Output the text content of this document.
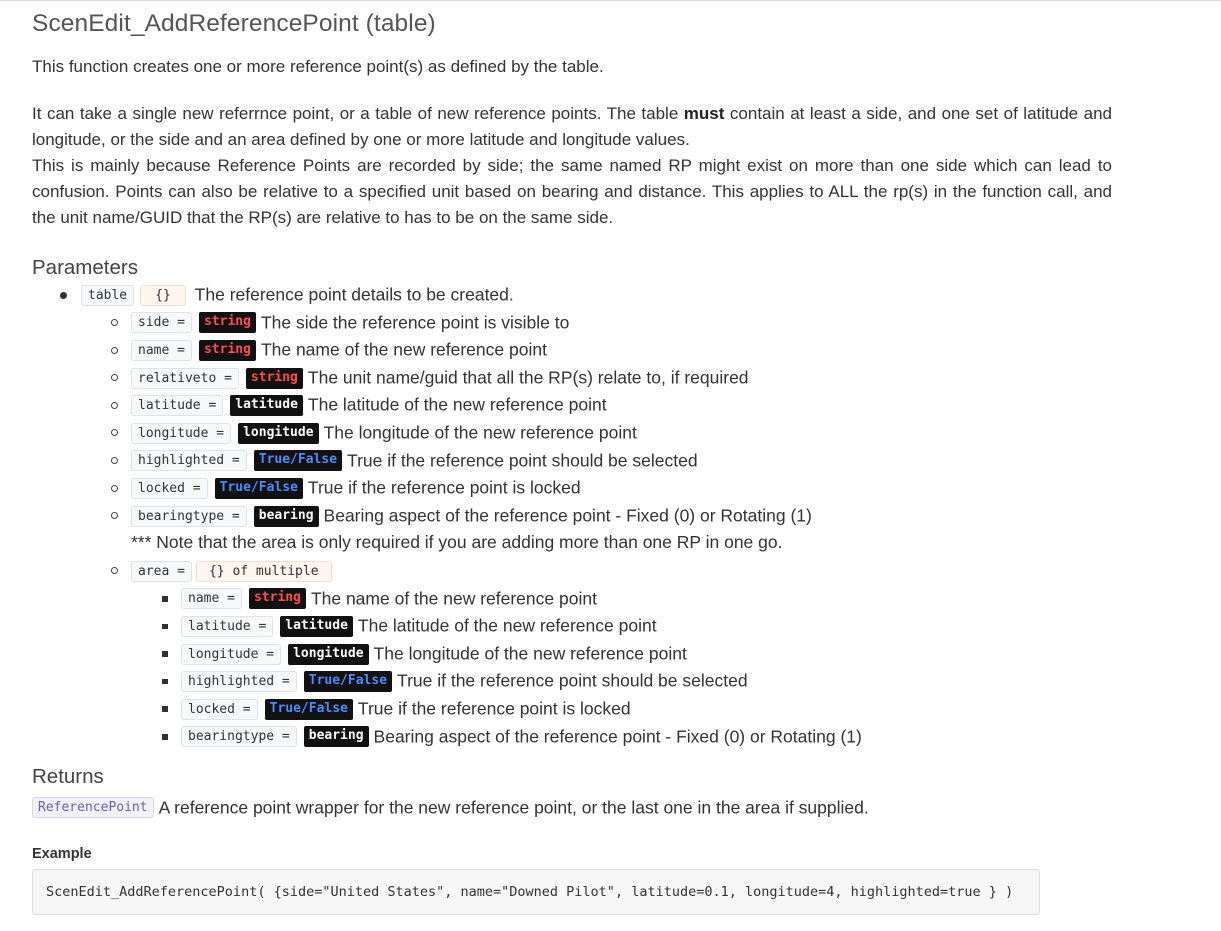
ScenEdit_AddReferencePoint (table)

This function creates one or more reference point(s) as defined by the table.

It can take a single new referrnce point, or a table of new reference points. The table must contain at least a side, and one set of latitude and longitude, or the side and an area defined by one or more latitude and longitude values.
This is mainly because Reference Points are recorded by side; the same named RP might exist on more than one side which can lead to confusion. Points can also be relative to a specified unit based on bearing and distance. This applies to ALL the rp(s) in the function call, and the unit name/GUID that the RP(s) are relative to has to be on the same side.

Parameters
table {} The reference point details to be created.
side = string The side the reference point is visible to
name = string The name of the new reference point
relativeto = string The unit name/guid that all the RP(s) relate to, if required
latitude = latitude The latitude of the new reference point
longitude = longitude The longitude of the new reference point
highlighted = True/False True if the reference point should be selected
locked = True/False True if the reference point is locked
bearingtype = bearing Bearing aspect of the reference point - Fixed (0) or Rotating (1)
*** Note that the area is only required if you are adding more than one RP in one go.
area = {} of multiple
name = string The name of the new reference point
latitude = latitude The latitude of the new reference point
longitude = longitude The longitude of the new reference point
highlighted = True/False True if the reference point should be selected
locked = True/False True if the reference point is locked
bearingtype = bearing Bearing aspect of the reference point - Fixed (0) or Rotating (1)
Returns
ReferencePoint A reference point wrapper for the new reference point, or the last one in the area if supplied.
Example
ScenEdit_AddReferencePoint( {side="United States", name="Downed Pilot", latitude=0.1, longitude=4, highlighted=true } )
